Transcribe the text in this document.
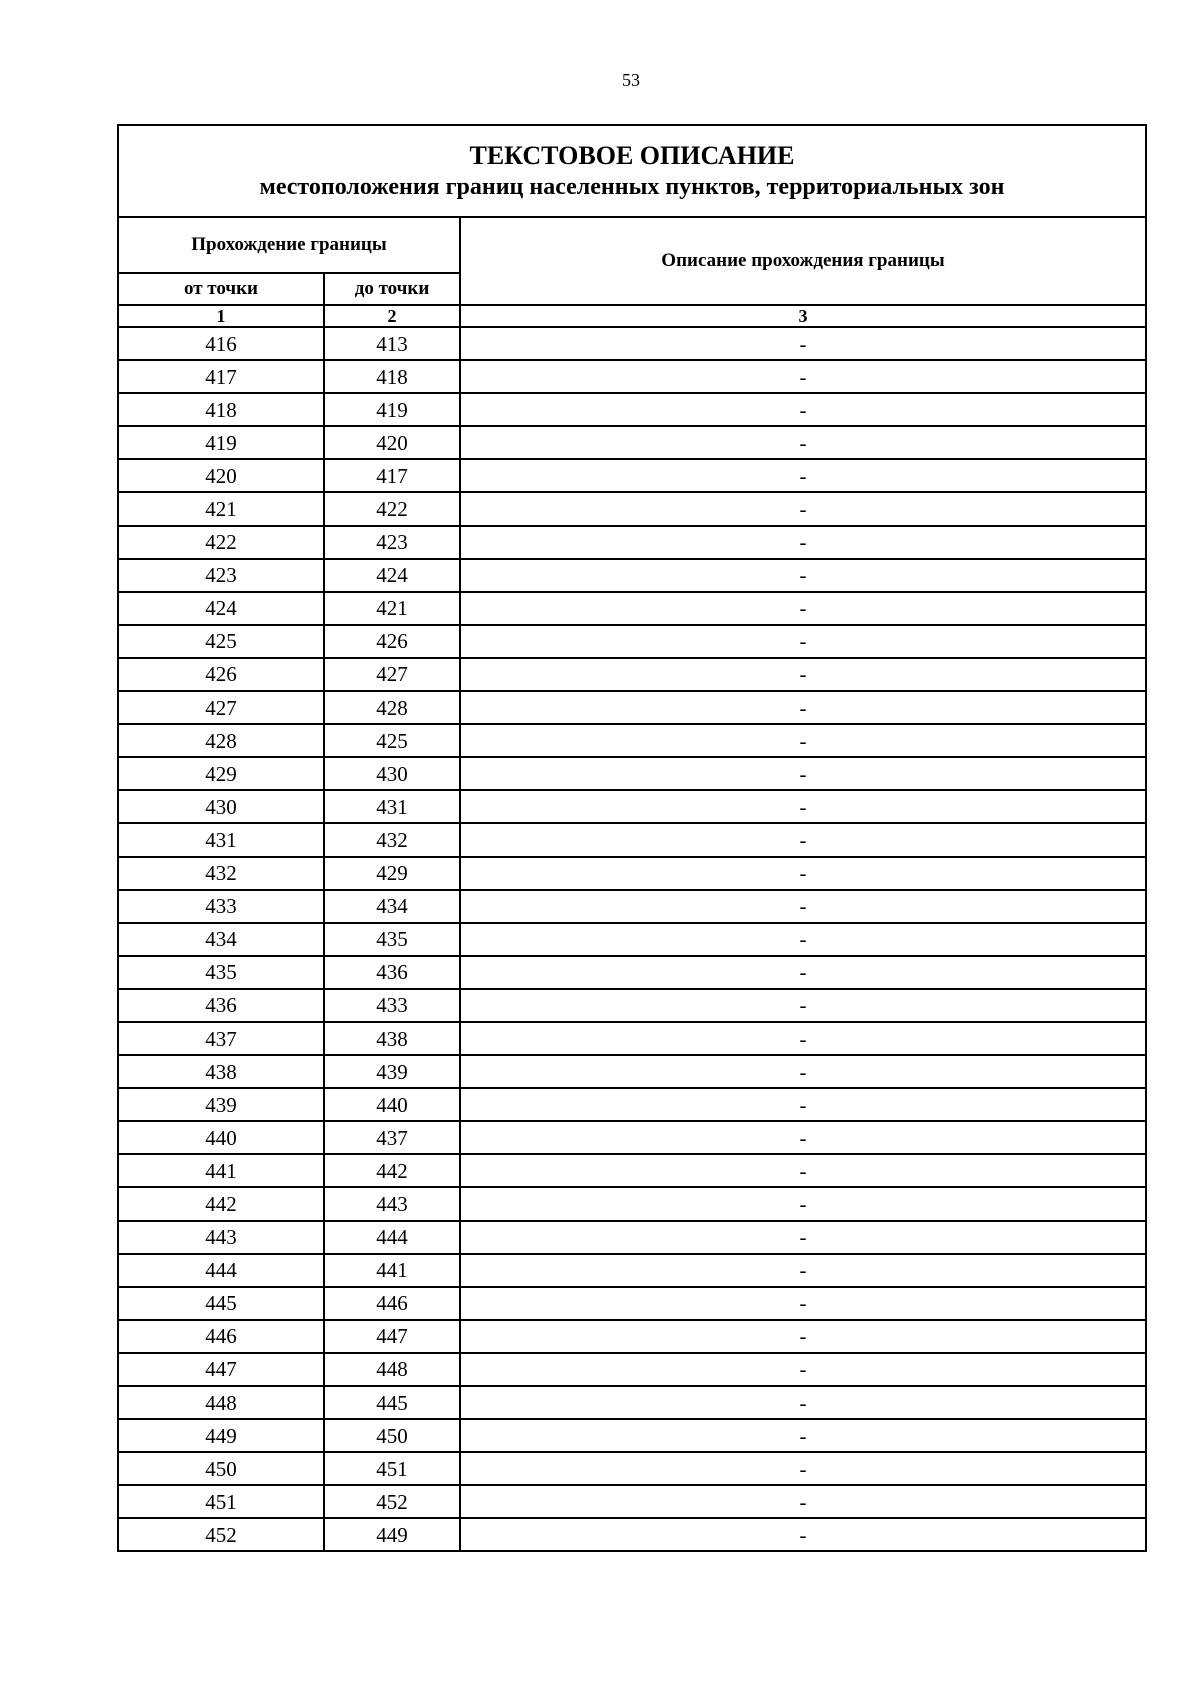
53
ТЕКСТОВОЕ ОПИСАНИЕ
местоположения границ населенных пунктов, территориальных зон		

Прохождение границы		Описание прохождения границы
от точки	до точки	
1	2	3
416	413	-
417	418	-
418	419	-
419	420	-
420	417	-
421	422	-
422	423	-
423	424	-
424	421	-
425	426	-
426	427	-
427	428	-
428	425	-
429	430	-
430	431	-
431	432	-
432	429	-
433	434	-
434	435	-
435	436	-
436	433	-
437	438	-
438	439	-
439	440	-
440	437	-
441	442	-
442	443	-
443	444	-
444	441	-
445	446	-
446	447	-
447	448	-
448	445	-
449	450	-
450	451	-
451	452	-
452	449	-
